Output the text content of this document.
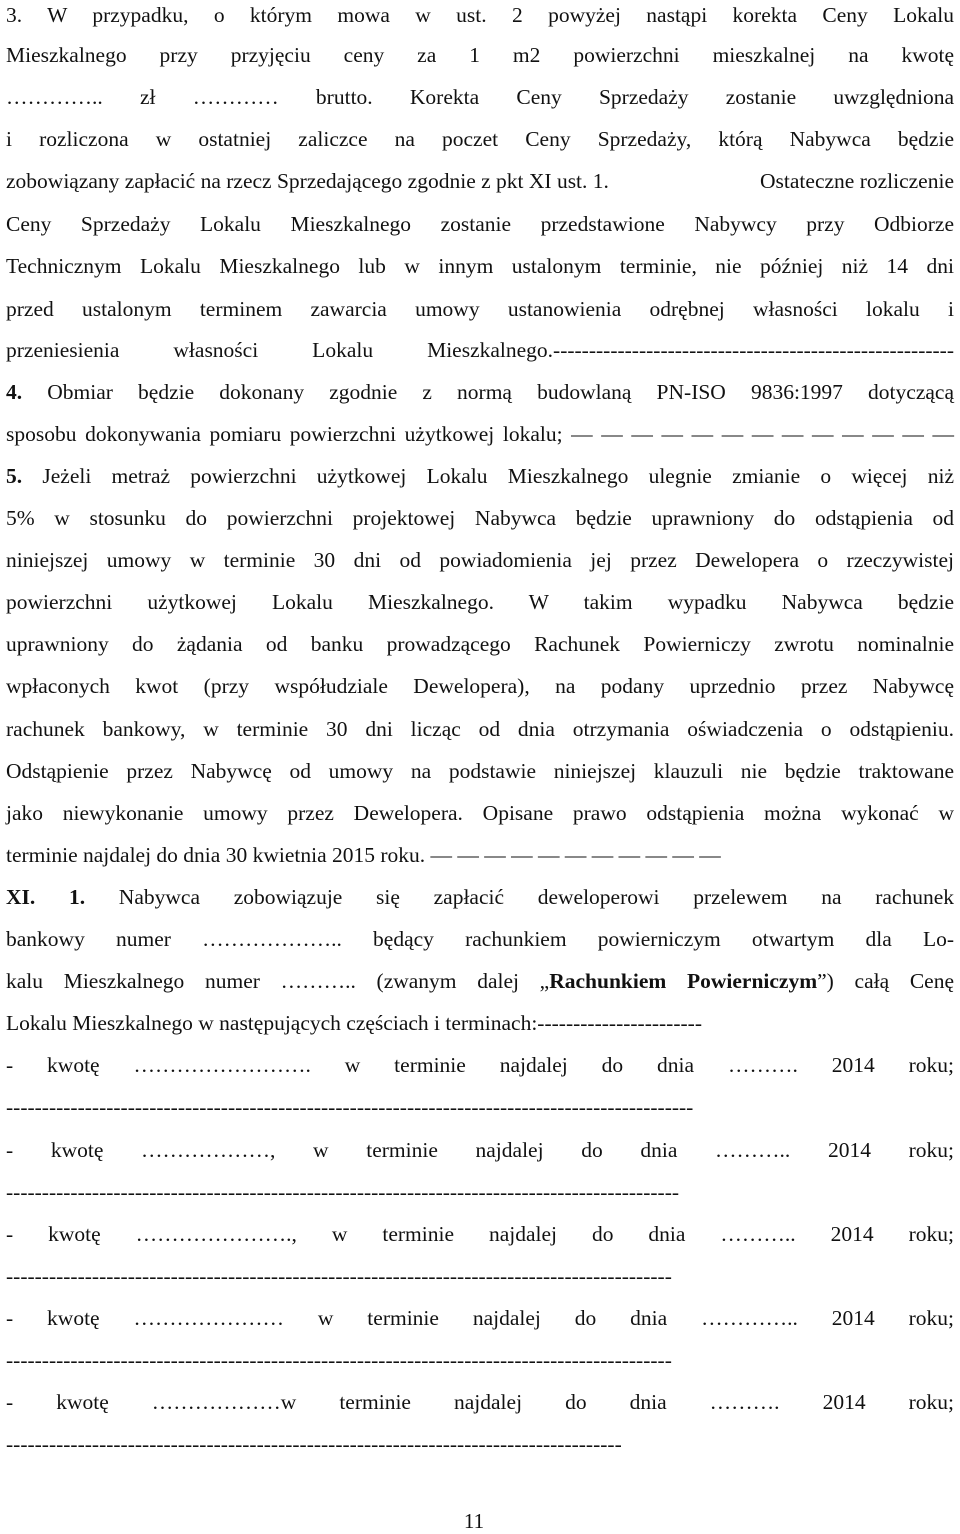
3. W przypadku, o którym mowa w ust. 2 powyżej nastąpi korekta Ceny Lokalu
Mieszkalnego przy przyjęciu ceny za 1 m2 powierzchni mieszkalnej na kwotę
………….. zł ………… brutto. Korekta Ceny Sprzedaży zostanie uwzględniona
i rozliczona w ostatniej zaliczce na poczet Ceny Sprzedaży, którą Nabywca będzie
zobowiązany zapłacić na rzecz Sprzedającego zgodnie z pkt XI ust. 1.	Ostateczne rozliczenie
Ceny Sprzedaży Lokalu Mieszkalnego zostanie przedstawione Nabywcy przy Odbiorze
Technicznym Lokalu Mieszkalnego lub w innym ustalonym terminie, nie później niż 14 dni
przed ustalonym terminem zawarcia umowy ustanowienia odrębnej własności lokalu i
przeniesienia własności Lokalu Mieszkalnego.--------------------------------------------------------
4. Obmiar będzie dokonany zgodnie z normą budowlaną PN-ISO 9836:1997 dotyczącą
sposobu dokonywania pomiaru powierzchni użytkowej lokalu; — — — — — — — — — — — — —
5. Jeżeli metraż powierzchni użytkowej Lokalu Mieszkalnego ulegnie zmianie o więcej niż
5% w stosunku do powierzchni projektowej Nabywca będzie uprawniony do odstąpienia od
niniejszej umowy w terminie 30 dni od powiadomienia jej przez Dewelopera o rzeczywistej
powierzchni użytkowej Lokalu Mieszkalnego. W takim wypadku Nabywca będzie
uprawniony do żądania od banku prowadzącego Rachunek Powierniczy zwrotu nominalnie
wpłaconych kwot (przy współudziale Dewelopera), na podany uprzednio przez Nabywcę
rachunek bankowy, w terminie 30 dni licząc od dnia otrzymania oświadczenia o odstąpieniu.
Odstąpienie przez Nabywcę od umowy na podstawie niniejszej klauzuli nie będzie traktowane
jako niewykonanie umowy przez Dewelopera. Opisane prawo odstąpienia można wykonać w
terminie najdalej do dnia 30 kwietnia 2015 roku. — — — — — — — — — — —
XI. 1. Nabywca zobowiązuje się zapłacić deweloperowi przelewem na rachunek
bankowy numer ……………….. będący rachunkiem powierniczym otwartym dla Lo-
kalu Mieszkalnego numer ……….. (zwanym dalej „Rachunkiem Powierniczym”) całą Cenę
Lokalu Mieszkalnego w następujących częściach i terminach:-----------------------
- kwotę ……………………. w terminie najdalej do dnia ………. 2014 roku;
------------------------------------------------------------------------------------------------
- kwotę ………………, w terminie najdalej do dnia ……….. 2014 roku;
----------------------------------------------------------------------------------------------
- kwotę …………………., w terminie najdalej do dnia ……….. 2014 roku;
---------------------------------------------------------------------------------------------
- kwotę ………………… w terminie najdalej do dnia ………….. 2014 roku;
---------------------------------------------------------------------------------------------
- kwotę ………………w terminie najdalej do dnia ………. 2014 roku;
--------------------------------------------------------------------------------------
11
